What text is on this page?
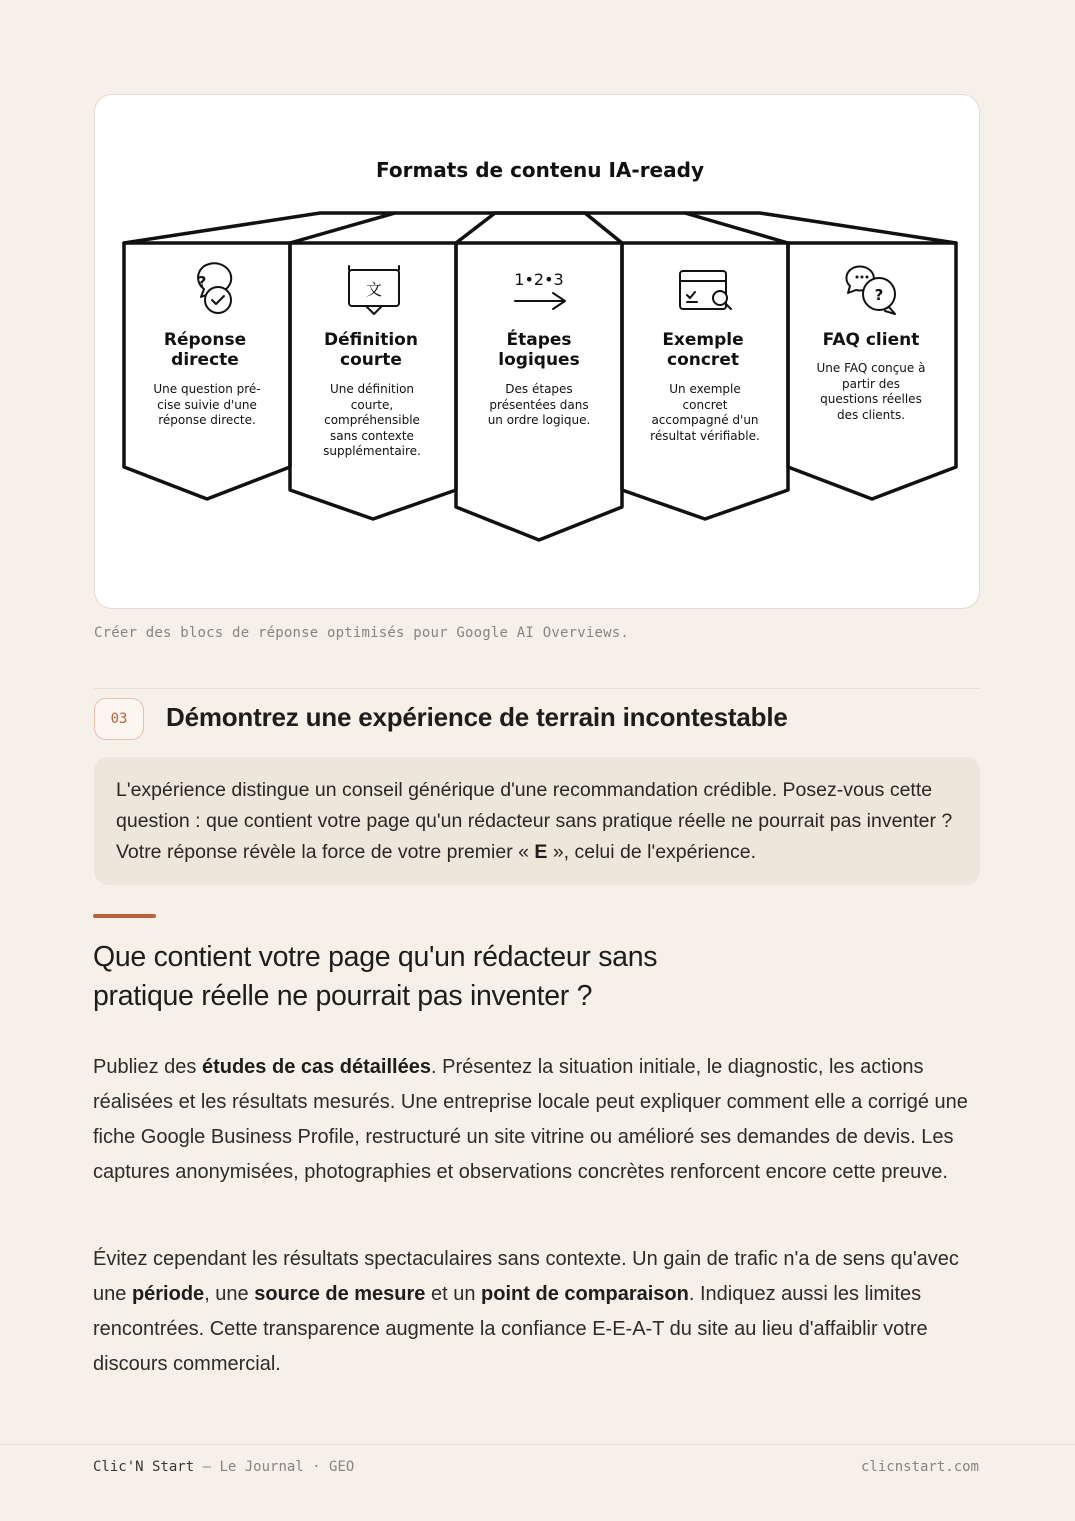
Formats de contenu IA-ready
?	文	?
1•2•3
Réponse
directe
Une question pré-
cise suivie d'une
réponse directe.
Définition
courte
Une définition
courte,
compréhensible
sans contexte
supplémentaire.
Étapes
logiques
Des étapes
présentées dans
un ordre logique.
Exemple
concret
Un exemple
concret
accompagné d'un
résultat vérifiable.
FAQ client
Une FAQ conçue à
partir des
questions réelles
des clients.
Créer des blocs de réponse optimisés pour Google AI Overviews.
03	Démontrez une expérience de terrain incontestable
L'expérience distingue un conseil générique d'une recommandation crédible. Posez-vous cette question : que contient votre page qu'un rédacteur sans pratique réelle ne pourrait pas inventer ? Votre réponse révèle la force de votre premier « E », celui de l'expérience.
Que contient votre page qu'un rédacteur sans pratique réelle ne pourrait pas inventer ?
Publiez des études de cas détaillées. Présentez la situation initiale, le diagnostic, les actions réalisées et les résultats mesurés. Une entreprise locale peut expliquer comment elle a corrigé une fiche Google Business Profile, restructuré un site vitrine ou amélioré ses demandes de devis. Les captures anonymisées, photographies et observations concrètes renforcent encore cette preuve.
Évitez cependant les résultats spectaculaires sans contexte. Un gain de trafic n'a de sens qu'avec une période, une source de mesure et un point de comparaison. Indiquez aussi les limites rencontrées. Cette transparence augmente la confiance E-E-A-T du site au lieu d'affaiblir votre discours commercial.
Clic'N Start — Le Journal · GEO	clicnstart.com
